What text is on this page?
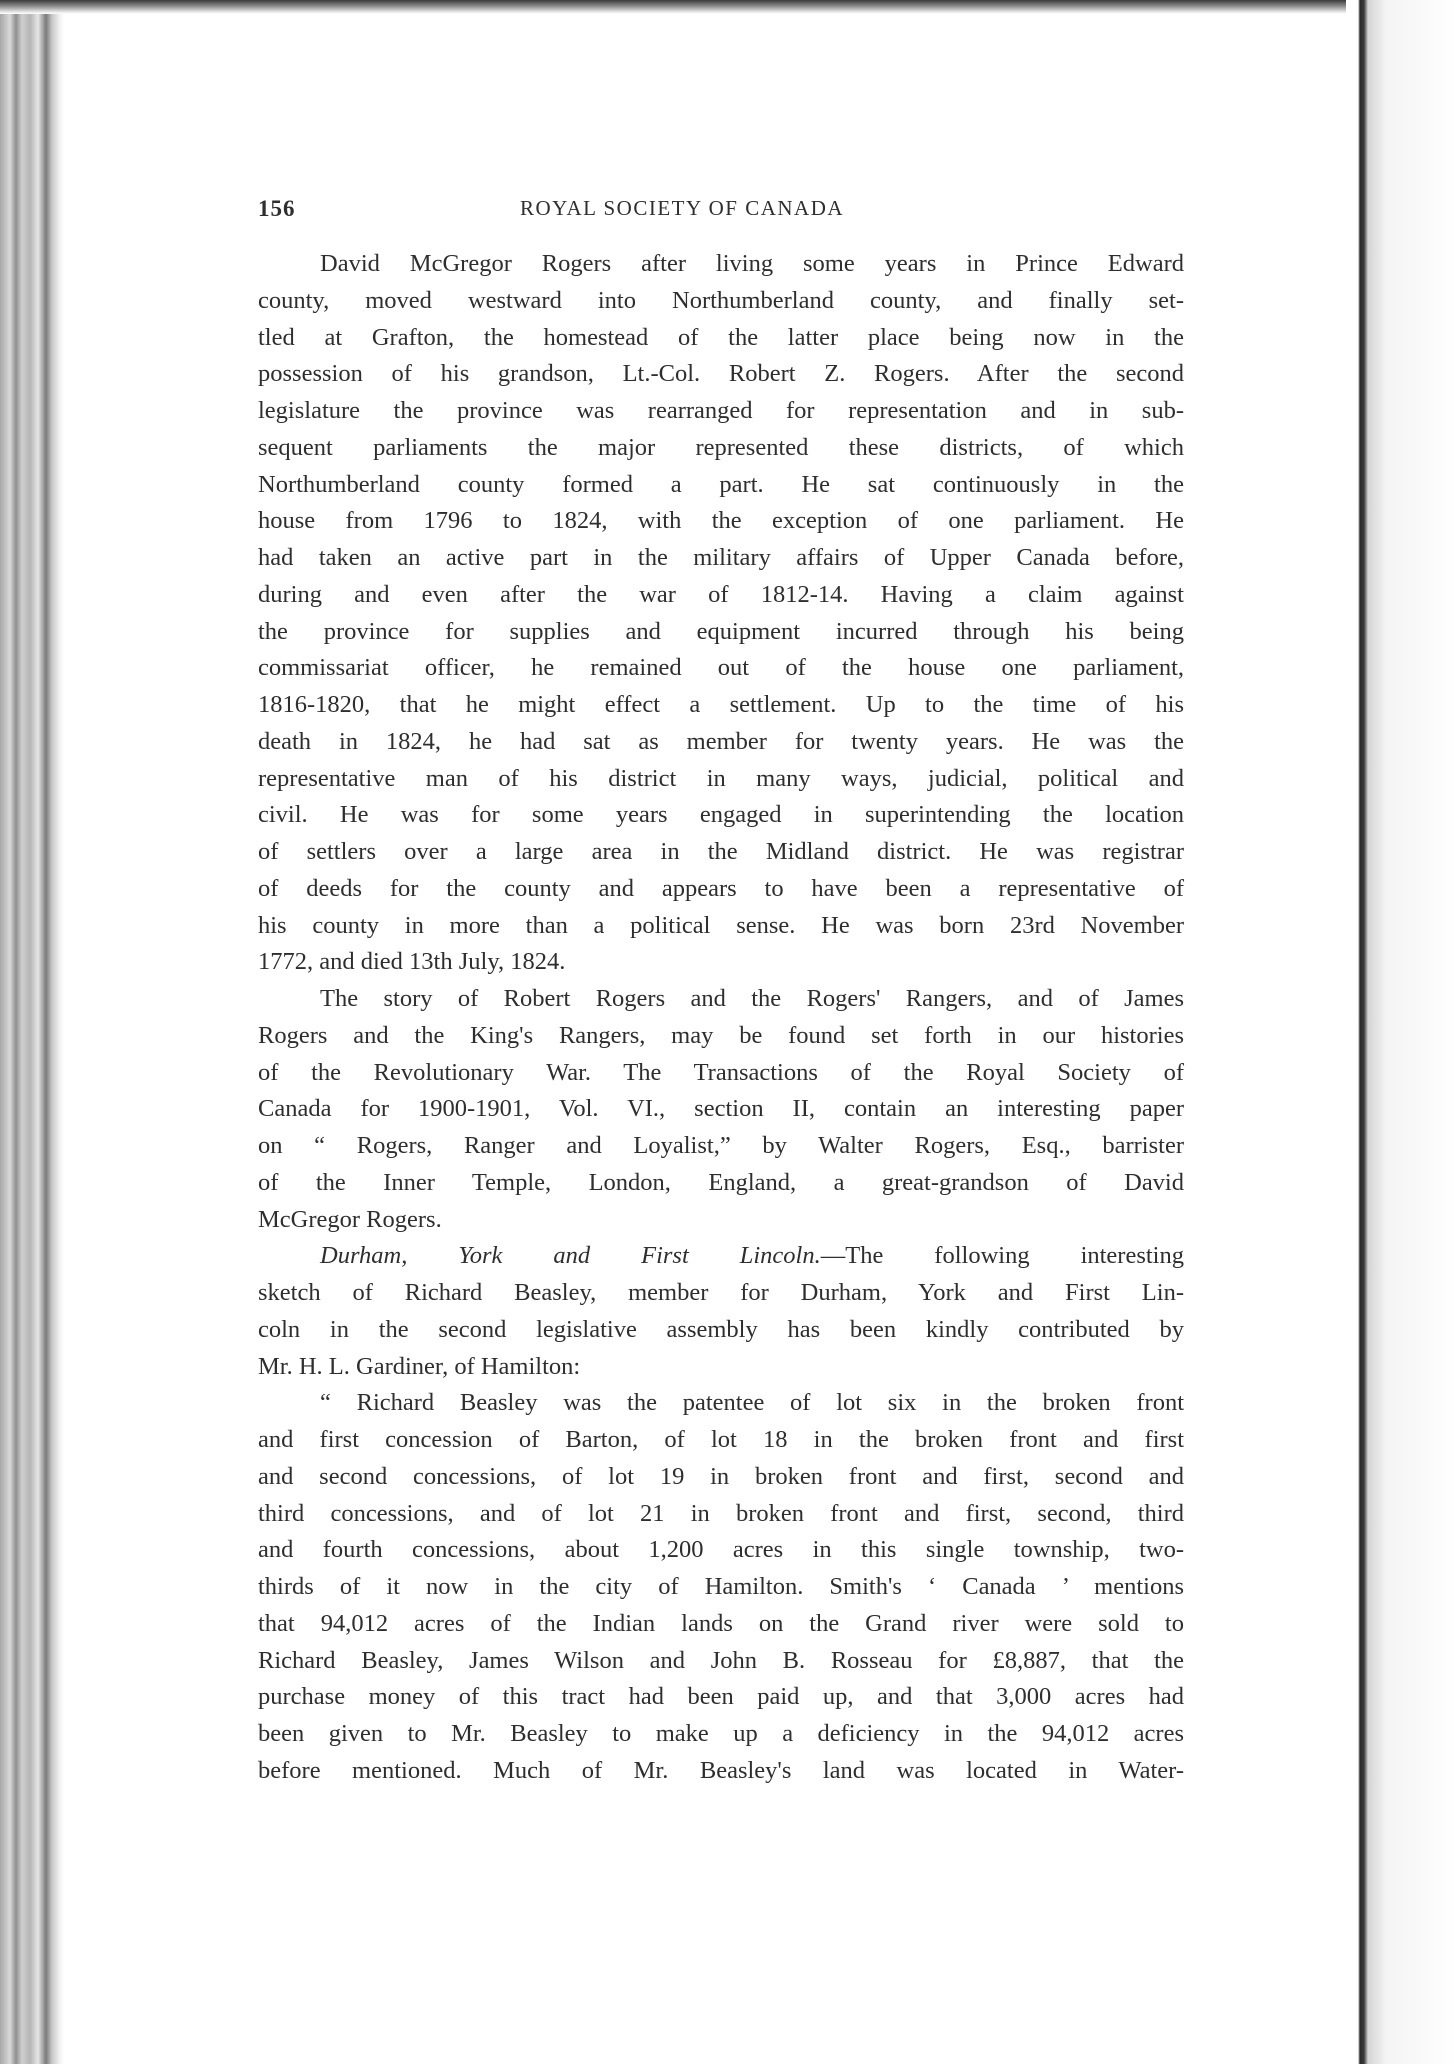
156	ROYAL SOCIETY OF CANADA
David McGregor Rogers after living some years in Prince Edward
county, moved westward into Northumberland county, and finally set-
tled at Grafton, the homestead of the latter place being now in the
possession of his grandson, Lt.-Col. Robert Z. Rogers. After the second
legislature the province was rearranged for representation and in sub-
sequent parliaments the major represented these districts, of which
Northumberland county formed a part. He sat continuously in the
house from 1796 to 1824, with the exception of one parliament. He
had taken an active part in the military affairs of Upper Canada before,
during and even after the war of 1812-14. Having a claim against
the province for supplies and equipment incurred through his being
commissariat officer, he remained out of the house one parliament,
1816-1820, that he might effect a settlement. Up to the time of his
death in 1824, he had sat as member for twenty years. He was the
representative man of his district in many ways, judicial, political and
civil. He was for some years engaged in superintending the location
of settlers over a large area in the Midland district. He was registrar
of deeds for the county and appears to have been a representative of
his county in more than a political sense. He was born 23rd November
1772, and died 13th July, 1824.
The story of Robert Rogers and the Rogers' Rangers, and of James
Rogers and the King's Rangers, may be found set forth in our histories
of the Revolutionary War. The Transactions of the Royal Society of
Canada for 1900-1901, Vol. VI., section II, contain an interesting paper
on “ Rogers, Ranger and Loyalist,” by Walter Rogers, Esq., barrister
of the Inner Temple, London, England, a great-grandson of David
McGregor Rogers.
Durham, York and First Lincoln.—The following interesting
sketch of Richard Beasley, member for Durham, York and First Lin-
coln in the second legislative assembly has been kindly contributed by
Mr. H. L. Gardiner, of Hamilton:
“ Richard Beasley was the patentee of lot six in the broken front
and first concession of Barton, of lot 18 in the broken front and first
and second concessions, of lot 19 in broken front and first, second and
third concessions, and of lot 21 in broken front and first, second, third
and fourth concessions, about 1,200 acres in this single township, two-
thirds of it now in the city of Hamilton. Smith's ‘ Canada ’ mentions
that 94,012 acres of the Indian lands on the Grand river were sold to
Richard Beasley, James Wilson and John B. Rosseau for £8,887, that the
purchase money of this tract had been paid up, and that 3,000 acres had
been given to Mr. Beasley to make up a deficiency in the 94,012 acres
before mentioned. Much of Mr. Beasley's land was located in Water-
